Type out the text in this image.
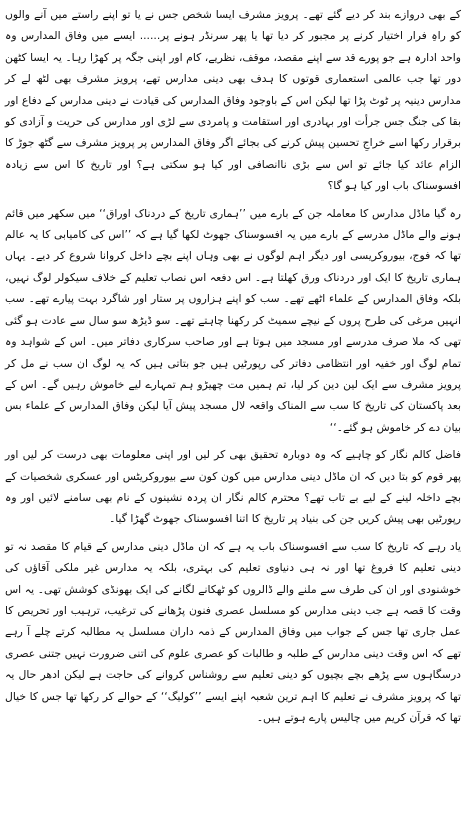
کے بھی دروازے بند کر دیے گئے تھے۔ پرویز مشرف ایسا شخص جس نے یا تو اپنے راستے میں آنے والوں کو راہِ فرار اختیار کرنے پر مجبور کر دیا تھا یا پھر سرنڈر ہونے پر...... ایسے میں وفاق المدارس وہ واحد ادارہ ہے جو پورے قد سے اپنے مقصد، موقف، نظریے، کام اور اپنی جگہ پر کھڑا رہا۔ یہ ایسا کٹھن دور تھا جب عالمی استعماری قوتوں کا ہدف بھی دینی مدارس تھے، پرویز مشرف بھی لٹھ لے کر مدارس دینیہ پر ٹوٹ پڑا تھا لیکن اس کے باوجود وفاق المدارس کی قیادت نے دینی مدارس کے دفاع اور بقا کی جنگ جس جرأت اور بہادری اور استقامت و پامردی سے لڑی اور مدارس کی حریت و آزادی کو برقرار رکھا اسے خراجِ تحسین پیش کرنے کی بجائے اگر وفاق المدارس پر پرویز مشرف سے گٹھ جوڑ کا الزام عائد کیا جائے تو اس سے بڑی ناانصافی اور کیا ہو سکتی ہے؟ اور تاریخ کا اس سے زیادہ افسوسناک باب اور کیا ہو گا؟

رہ گیا ماڈل مدارس کا معاملہ جن کے بارے میں ’’ہماری تاریخ کے دردناک اوراق‘‘ میں سکھر میں قائم ہونے والے ماڈل مدرسے کے بارے میں یہ افسوسناک جھوٹ لکھا گیا ہے کہ ’’اس کی کامیابی کا یہ عالم تھا کہ فوج، بیوروکریسی اور دیگر اہم لوگوں نے بھی وہاں اپنے بچے داخل کروانا شروع کر دیے۔ یہاں ہماری تاریخ کا ایک اور دردناک ورق کھلتا ہے۔ اس دفعہ اس نصاب تعلیم کے خلاف سیکولر لوگ نہیں، بلکہ وفاق المدارس کے علماء اٹھے تھے۔ سب کو اپنے ہزاروں پر ستار اور شاگرد بہت پیارے تھے۔ سب انہیں مرغی کی طرح پروں کے نیچے سمیٹ کر رکھنا چاہتے تھے۔ سو ڈیڑھ سو سال سے عادت ہو گئی تھی کہ ملا صرف مدرسے اور مسجد میں ہوتا ہے اور صاحب سرکاری دفاتر میں۔ اس کے شواہد وہ تمام لوگ اور خفیہ اور انتظامی دفاتر کی رپورٹیں ہیں جو بتاتی ہیں کہ یہ لوگ ان سب نے مل کر پرویز مشرف سے ایک لین دین کر لیا، تم ہمیں مت چھیڑو ہم تمہارے لیے خاموش رہیں گے۔ اس کے بعد پاکستان کی تاریخ کا سب سے المناک واقعہ لال مسجد پیش آیا لیکن وفاق المدارس کے علماء بس بیان دے کر خاموش ہو گئے۔‘‘

فاضل کالم نگار کو چاہیے کہ وہ دوبارہ تحقیق بھی کر لیں اور اپنی معلومات بھی درست کر لیں اور پھر قوم کو بتا دیں کہ ان ماڈل دینی مدارس میں کون کون سے بیوروکریٹس اور عسکری شخصیات کے بچے داخلہ لینے کے لیے بے تاب تھے؟ محترم کالم نگار ان پردہ نشینوں کے نام بھی سامنے لائیں اور وہ رپورٹیں بھی پیش کریں جن کی بنیاد پر تاریخ کا اتنا افسوسناک جھوٹ گھڑا گیا۔

یاد رہے کہ تاریخ کا سب سے افسوسناک باب یہ ہے کہ ان ماڈل دینی مدارس کے قیام کا مقصد نہ تو دینی تعلیم کا فروغ تھا اور نہ ہی دنیاوی تعلیم کی بہتری، بلکہ یہ مدارس غیر ملکی آقاؤں کی خوشنودی اور ان کی طرف سے ملنے والے ڈالروں کو ٹھکانے لگانے کی ایک بھونڈی کوشش تھی۔ یہ اس وقت کا قصہ ہے جب دینی مدارس کو مسلسل عصری فنون پڑھانے کی ترغیب، ترہیب اور تحریص کا عمل جاری تھا جس کے جواب میں وفاق المدارس کے ذمہ داران مسلسل یہ مطالبہ کرتے چلے آ رہے تھے کہ اس وقت دینی مدارس کے طلبہ و طالبات کو عصری علوم کی اتنی ضرورت نہیں جتنی عصری درسگاہوں سے پڑھے بچے بچیوں کو دینی تعلیم سے روشناس کروانے کی حاجت ہے لیکن ادھر حال یہ تھا کہ پرویز مشرف نے تعلیم کا اہم ترین شعبہ اپنے ایسے ’’کولیگ‘‘ کے حوالے کر رکھا تھا جس کا خیال تھا کہ قرآن کریم میں چالیس پارے ہوتے ہیں۔
